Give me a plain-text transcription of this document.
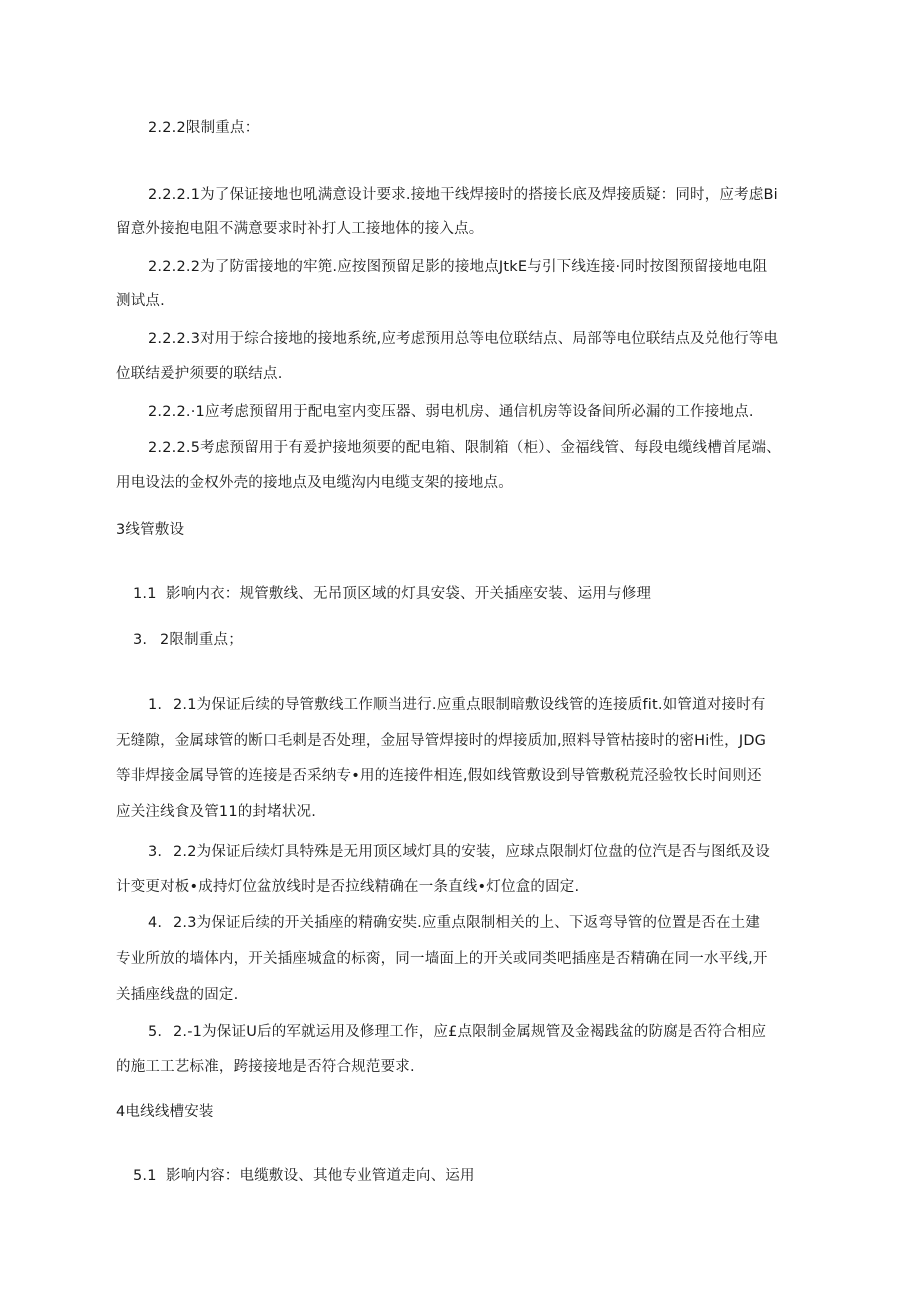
2.2.2限制重点：
2.2.2.1为了保证接地也吼满意设计要求.接地干线焊接时的搭接长底及焊接质疑：同时，应考虑Bi
留意外接抱电阻不满意要求时补打人工接地体的接入点。
2.2.2.2为了防雷接地的牢篼.应按图预留足影的接地点JtkE与引下线连接·同时按图预留接地电阻
测试点.
2.2.2.3对用于综合接地的接地系统,应考虑预用总等电位联结点、局部等电位联结点及兑他行等电
位联结爰护须要的联结点.
2.2.2.·1应考虑预留用于配电室内变压器、弱电机房、通信机房等设备间所必漏的工作接地点.
2.2.2.5考虑预留用于有爰护接地须要的配电箱、限制箱（柜）、金福线管、每段电缆线槽首尾端、
用电设法的金权外壳的接地点及电缆沟内电缆支架的接地点。
3线管敷设
1.1 影响内衣：规管敷线、无吊顶区域的灯具安袋、开关插座安装、运用与修理
3. 2限制重点；
1. 2.1为保证后续的导管敷线工作顺当进行.应重点眼制暗敷设线管的连接质fit.如管道对接时有
无缝隙，金属球管的断口毛刺是否处理，金屈导管焊接时的焊接质加,照料导管枯接时的密Hi性，JDG
等非焊接金属导管的连接是否采纳专•用的连接件相连,假如线管敷设到导管敷税荒泾验牧长时间则还
应关注线食及管11的封堵状况.
3. 2.2为保证后续灯具特殊是无用顶区域灯具的安装，应球点限制灯位盘的位汽是否与图纸及设
计变更对板•成持灯位盆放线时是否拉线精确在一条直线•灯位盒的固定.
4. 2.3为保证后续的开关插座的精确安奘.应重点限制相关的上、下返弯导管的位置是否在土建
专业所放的墙体内，开关插座城盒的标脔，同一墙面上的开关或同类吧插座是否精确在同一水平线,开
关插座线盘的固定.
5. 2.-1为保证U后的军就运用及修理工作，应£点限制金属规管及金褐践盆的防腐是否符合相应
的施工工艺标准，跨接接地是否符合规范要求.
4电线线槽安装
5.1 影响内容：电缆敷设、其他专业管道走向、运用
